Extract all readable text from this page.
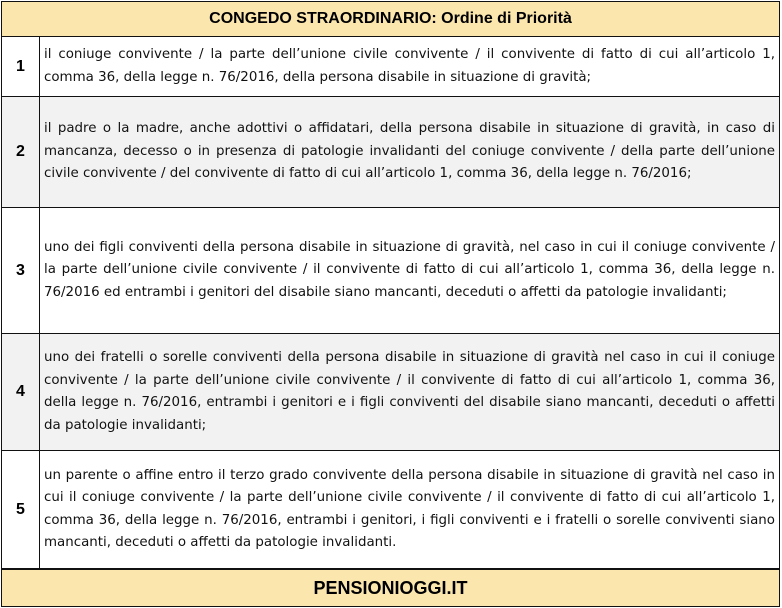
CONGEDO STRAORDINARIO: Ordine di Priorità
1
il coniuge convivente / la parte dell’unione civile convivente / il convivente di fatto di cui all’articolo 1, comma 36, della legge n. 76/2016, della persona disabile in situazione di gravità;
2
il padre o la madre, anche adottivi o affidatari, della persona disabile in situazione di gravità, in caso di mancanza, decesso o in presenza di patologie invalidanti del coniuge convivente / della parte dell’unione civile convivente / del convivente di fatto di cui all’articolo 1, comma 36, della legge n. 76/2016;
3
uno dei figli conviventi della persona disabile in situazione di gravità, nel caso in cui il coniuge convivente / la parte dell’unione civile convivente / il convivente di fatto di cui all’articolo 1, comma 36, della legge n. 76/2016 ed entrambi i genitori del disabile siano mancanti, deceduti o affetti da patologie invalidanti;
4
uno dei fratelli o sorelle conviventi della persona disabile in situazione di gravità nel caso in cui il coniuge convivente / la parte dell’unione civile convivente / il convivente di fatto di cui all’articolo 1, comma 36, della legge n. 76/2016, entrambi i genitori e i figli conviventi del disabile siano mancanti, deceduti o affetti da patologie invalidanti;
5
un parente o affine entro il terzo grado convivente della persona disabile in situazione di gravità nel caso in cui il coniuge convivente / la parte dell’unione civile convivente / il convivente di fatto di cui all’articolo 1, comma 36, della legge n. 76/2016, entrambi i genitori, i figli conviventi e i fratelli o sorelle conviventi siano mancanti, deceduti o affetti da patologie invalidanti.
PENSIONIOGGI.IT
